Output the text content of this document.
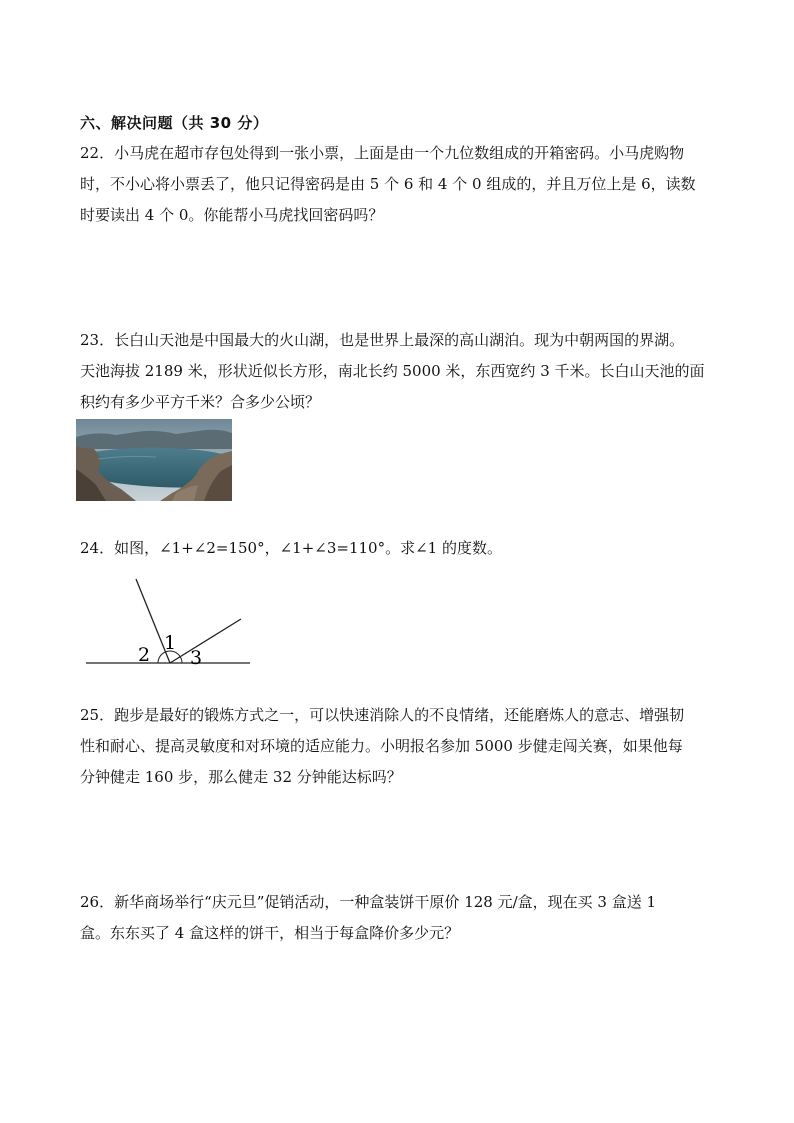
六、解决问题（共 30 分）
22．小马虎在超市存包处得到一张小票，上面是由一个九位数组成的开箱密码。小马虎购物
时，不小心将小票丢了，他只记得密码是由 5 个 6 和 4 个 0 组成的，并且万位上是 6，读数
时要读出 4 个 0。你能帮小马虎找回密码吗？
23．长白山天池是中国最大的火山湖，也是世界上最深的高山湖泊。现为中朝两国的界湖。
天池海拔 2189 米，形状近似长方形，南北长约 5000 米，东西宽约 3 千米。长白山天池的面
积约有多少平方千米？合多少公顷？
24．如图，∠1+∠2=150°，∠1+∠3=110°。求∠1 的度数。
2
1
3
25．跑步是最好的锻炼方式之一，可以快速消除人的不良情绪，还能磨炼人的意志、增强韧
性和耐心、提高灵敏度和对环境的适应能力。小明报名参加 5000 步健走闯关赛，如果他每
分钟健走 160 步，那么健走 32 分钟能达标吗？
26．新华商场举行“庆元旦”促销活动，一种盒装饼干原价 128 元/盒，现在买 3 盒送 1
盒。东东买了 4 盒这样的饼干，相当于每盒降价多少元？
